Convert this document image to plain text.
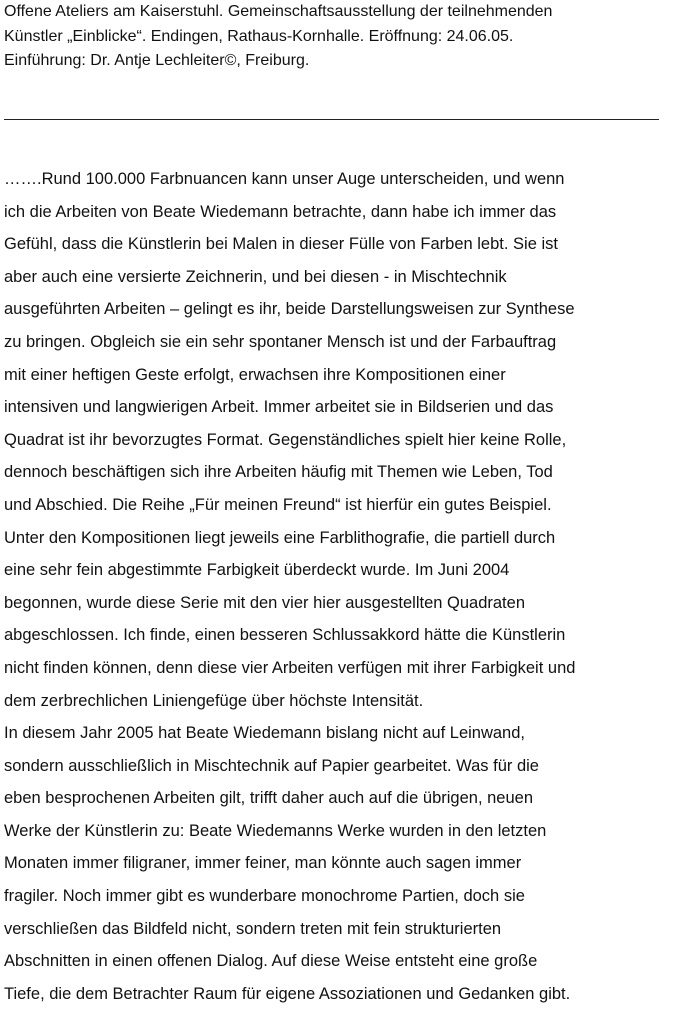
Offene Ateliers am Kaiserstuhl. Gemeinschaftsausstellung der teilnehmenden
Künstler „Einblicke“. Endingen, Rathaus-Kornhalle. Eröffnung: 24.06.05.
Einführung: Dr. Antje Lechleiter©, Freiburg.
…….Rund 100.000 Farbnuancen kann unser Auge unterscheiden, und wenn
ich die Arbeiten von Beate Wiedemann betrachte, dann habe ich immer das
Gefühl, dass die Künstlerin bei Malen in dieser Fülle von Farben lebt. Sie ist
aber auch eine versierte Zeichnerin, und bei diesen - in Mischtechnik
ausgeführten Arbeiten – gelingt es ihr, beide Darstellungsweisen zur Synthese
zu bringen. Obgleich sie ein sehr spontaner Mensch ist und der Farbauftrag
mit einer heftigen Geste erfolgt, erwachsen ihre Kompositionen einer
intensiven und langwierigen Arbeit. Immer arbeitet sie in Bildserien und das
Quadrat ist ihr bevorzugtes Format. Gegenständliches spielt hier keine Rolle,
dennoch beschäftigen sich ihre Arbeiten häufig mit Themen wie Leben, Tod
und Abschied. Die Reihe „Für meinen Freund“ ist hierfür ein gutes Beispiel.
Unter den Kompositionen liegt jeweils eine Farblithografie, die partiell durch
eine sehr fein abgestimmte Farbigkeit überdeckt wurde. Im Juni 2004
begonnen, wurde diese Serie mit den vier hier ausgestellten Quadraten
abgeschlossen. Ich finde, einen besseren Schlussakkord hätte die Künstlerin
nicht finden können, denn diese vier Arbeiten verfügen mit ihrer Farbigkeit und
dem zerbrechlichen Liniengefüge über höchste Intensität.
In diesem Jahr 2005 hat Beate Wiedemann bislang nicht auf Leinwand,
sondern ausschließlich in Mischtechnik auf Papier gearbeitet. Was für die
eben besprochenen Arbeiten gilt, trifft daher auch auf die übrigen, neuen
Werke der Künstlerin zu: Beate Wiedemanns Werke wurden in den letzten
Monaten immer filigraner, immer feiner, man könnte auch sagen immer
fragiler. Noch immer gibt es wunderbare monochrome Partien, doch sie
verschließen das Bildfeld nicht, sondern treten mit fein strukturierten
Abschnitten in einen offenen Dialog. Auf diese Weise entsteht eine große
Tiefe, die dem Betrachter Raum für eigene Assoziationen und Gedanken gibt.
